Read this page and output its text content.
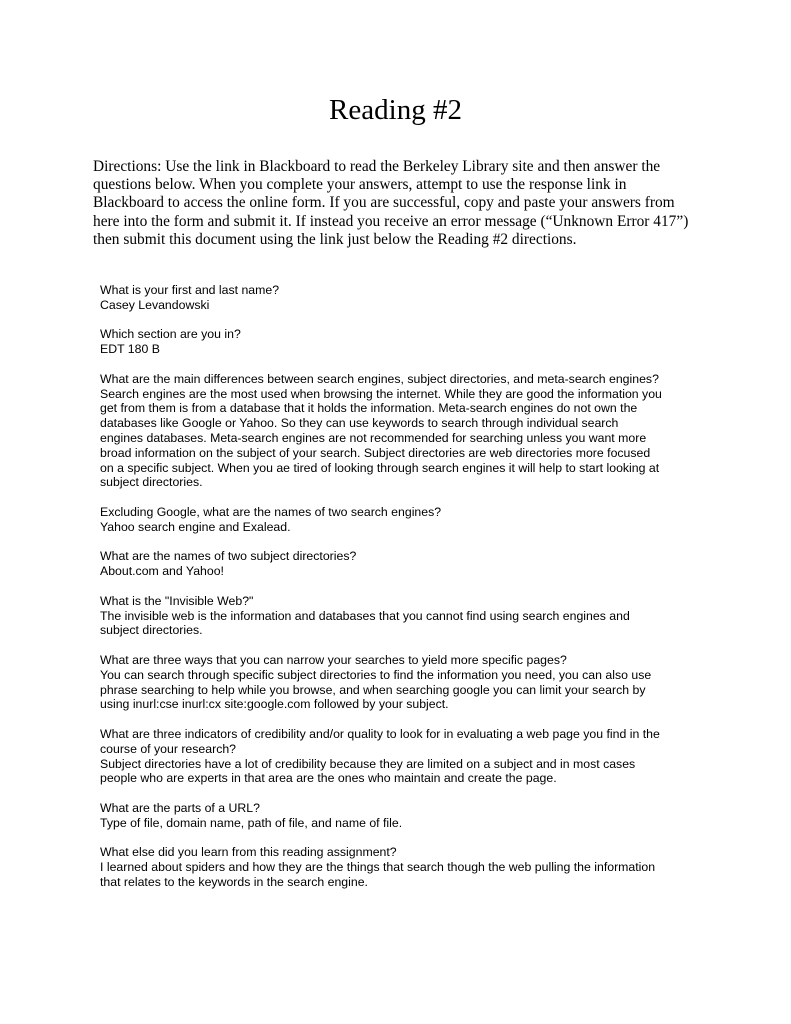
Reading #2
Directions: Use the link in Blackboard to read the Berkeley Library site and then answer the
questions below. When you complete your answers, attempt to use the response link in
Blackboard to access the online form. If you are successful, copy and paste your answers from
here into the form and submit it. If instead you receive an error message (“Unknown Error 417”)
then submit this document using the link just below the Reading #2 directions.

What is your first and last name?

Casey Levandowski

Which section are you in?

EDT 180 B

What are the main differences between search engines, subject directories, and meta-search engines?

Search engines are the most used when browsing the internet. While they are good the information you
get from them is from a database that it holds the information. Meta-search engines do not own the
databases like Google or Yahoo. So they can use keywords to search through individual search
engines databases. Meta-search engines are not recommended for searching unless you want more
broad information on the subject of your search. Subject directories are web directories more focused
on a specific subject. When you ae tired of looking through search engines it will help to start looking at
subject directories.

Excluding Google, what are the names of two search engines?

Yahoo search engine and Exalead.

What are the names of two subject directories?

About.com and Yahoo!

What is the "Invisible Web?"

The invisible web is the information and databases that you cannot find using search engines and
subject directories.

What are three ways that you can narrow your searches to yield more specific pages?

You can search through specific subject directories to find the information you need, you can also use
phrase searching to help while you browse, and when searching google you can limit your search by
using inurl:cse inurl:cx site:google.com followed by your subject.

What are three indicators of credibility and/or quality to look for in evaluating a web page you find in the
course of your research?

Subject directories have a lot of credibility because they are limited on a subject and in most cases
people who are experts in that area are the ones who maintain and create the page.

What are the parts of a URL?

Type of file, domain name, path of file, and name of file.

What else did you learn from this reading assignment?

I learned about spiders and how they are the things that search though the web pulling the information
that relates to the keywords in the search engine.
